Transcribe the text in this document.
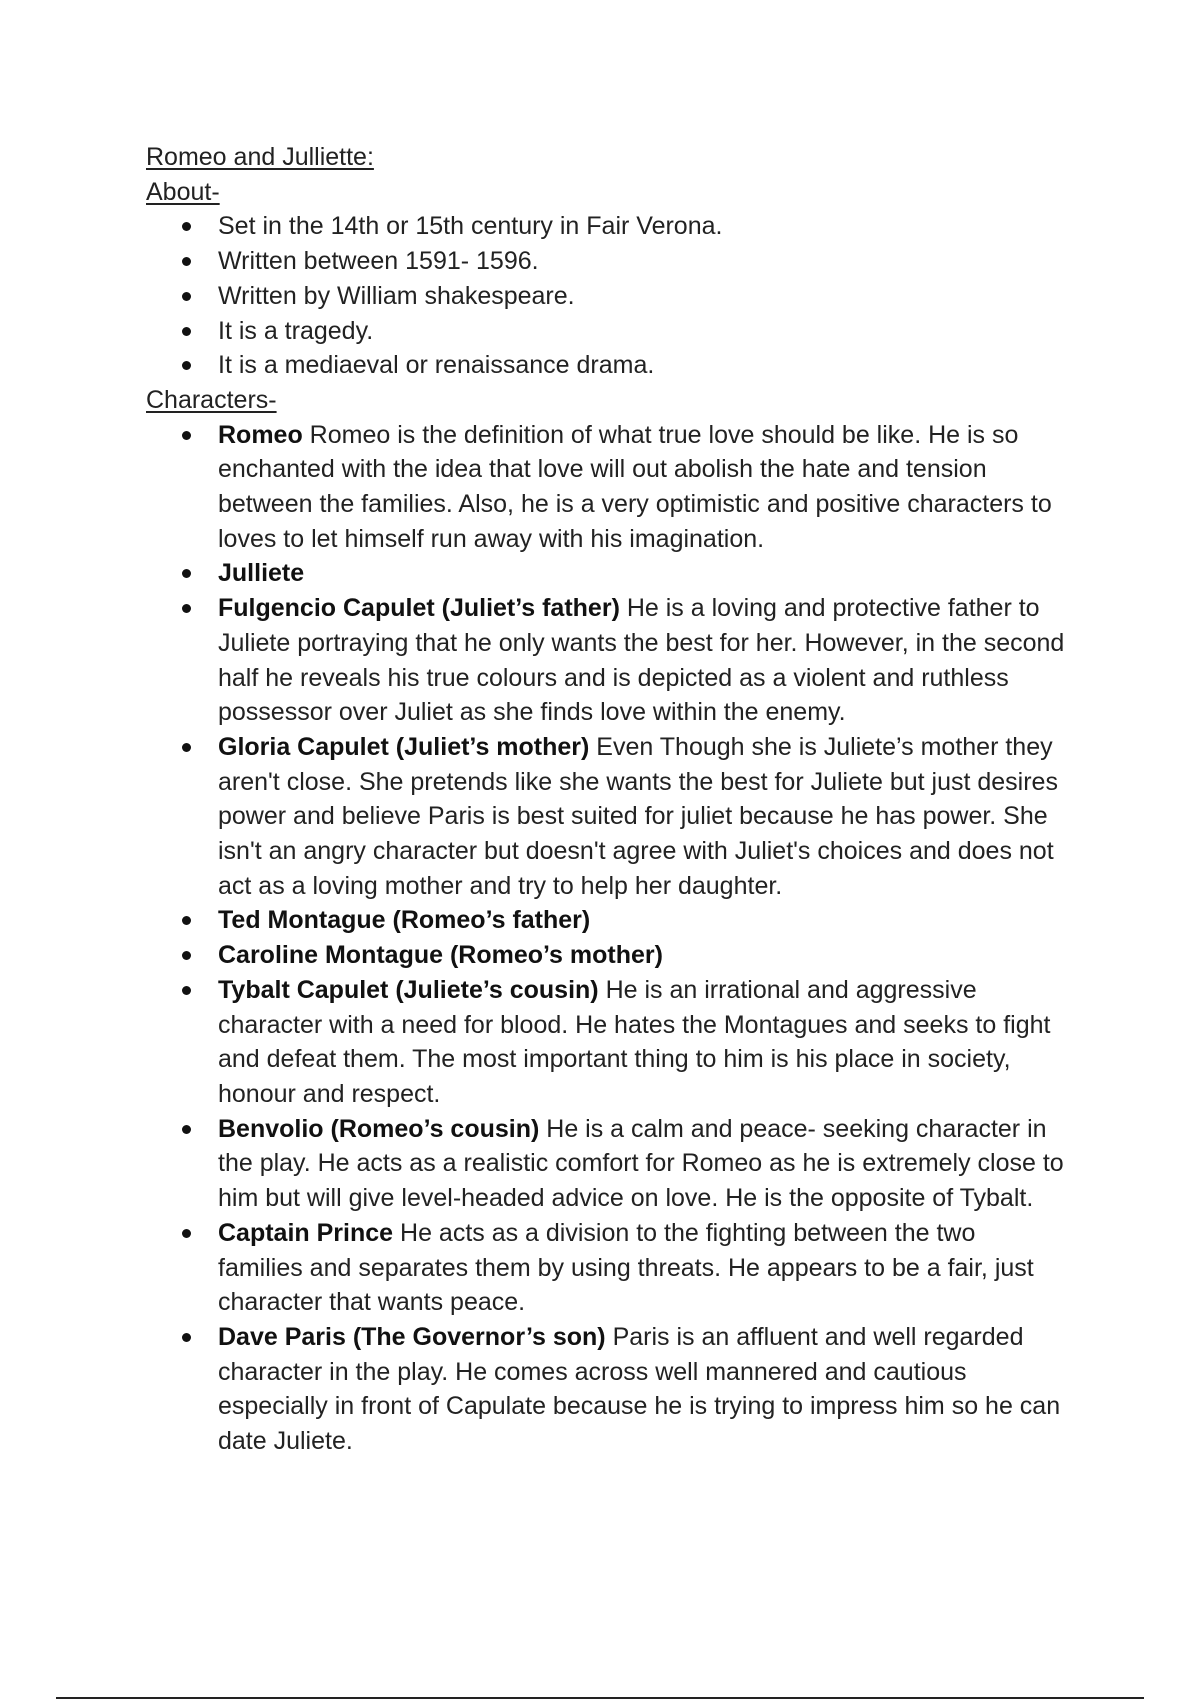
Romeo and Julliette:

About-

Set in the 14th or 15th century in Fair Verona.
Written between 1591- 1596.
Written by William shakespeare.
It is a tragedy.
It is a mediaeval or renaissance drama.

Characters-

Romeo Romeo is the definition of what true love should be like. He is so enchanted with the idea that love will out abolish the hate and tension between the families. Also, he is a very optimistic and positive characters to loves to let himself run away with his imagination.
Julliete
Fulgencio Capulet (Juliet’s father) He is a loving and protective father to Juliete portraying that he only wants the best for her. However, in the second half he reveals his true colours and is depicted as a violent and ruthless possessor over Juliet as she finds love within the enemy.
Gloria Capulet (Juliet’s mother) Even Though she is Juliete’s mother they aren't close. She pretends like she wants the best for Juliete but just desires power and believe Paris is best suited for juliet because he has power. She isn't an angry character but doesn't agree with Juliet's choices and does not act as a loving mother and try to help her daughter.
Ted Montague (Romeo’s father)
Caroline Montague (Romeo’s mother)
Tybalt Capulet (Juliete’s cousin) He is an irrational and aggressive character with a need for blood. He hates the Montagues and seeks to fight and defeat them. The most important thing to him is his place in society, honour and respect.
Benvolio (Romeo’s cousin) He is a calm and peace- seeking character in the play. He acts as a realistic comfort for Romeo as he is extremely close to him but will give level-headed advice on love. He is the opposite of Tybalt.
Captain Prince He acts as a division to the fighting between the two families and separates them by using threats. He appears to be a fair, just character that wants peace.
Dave Paris (The Governor’s son) Paris is an affluent and well regarded character in the play. He comes across well mannered and cautious especially in front of Capulate because he is trying to impress him so he can date Juliete.
